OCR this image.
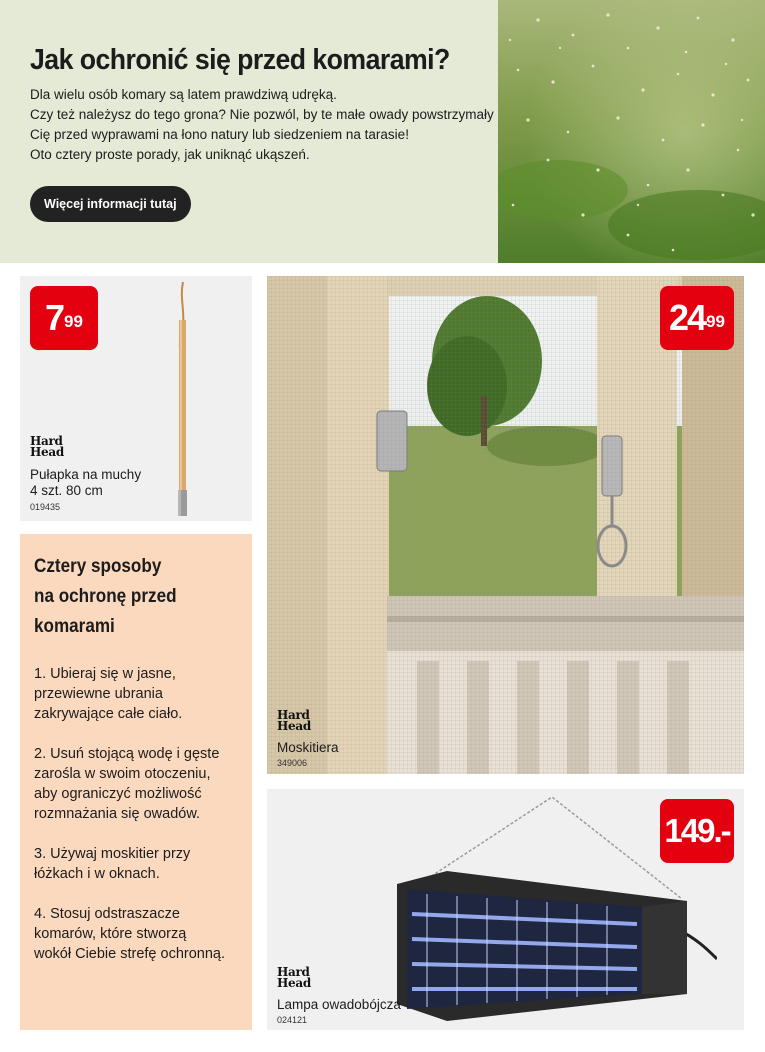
Jak ochronić się przed komarami?

Dla wielu osób komary są latem prawdziwą udręką.

Czy też należysz do tego grona? Nie pozwól, by te małe owady powstrzymały

Cię przed wyprawami na łono natury lub siedzeniem na tarasie!

Oto cztery proste porady, jak uniknąć ukąszeń.

Więcej informacji tutaj
799
Hard
Head
Pułapka na muchy
4 szt. 80 cm
019435
2499
Hard
Head
Moskitiera
349006
Cztery sposoby
na ochronę przed
komarami

1. Ubieraj się w jasne,
przewiewne ubrania
zakrywające całe ciało.

2. Usuń stojącą wodę i gęste
zarośla w swoim otoczeniu,
aby ograniczyć możliwość
rozmnażania się owadów.

3. Używaj moskitier przy
łóżkach i w oknach.

4. Stosuj odstraszacze
komarów, które stworzą
wokół Ciebie strefę ochronną.

149.-
Hard
Head
Lampa owadobójcza
024121
